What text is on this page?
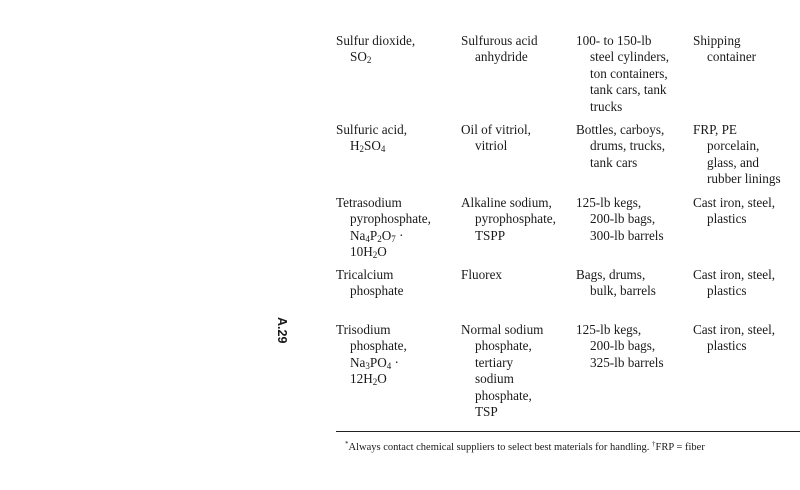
A.29
Sulfur dioxide,
$SO_2$
Sulfurous acid
anhydride
100- to 150-lb
steel cylinders,
ton containers,
tank cars, tank
trucks
Shipping
container
Sulfuric acid,
$H_2SO_4$
Oil of vitriol,
vitriol
Bottles, carboys,
drums, trucks,
tank cars
FRP, PE
porcelain,
glass, and
rubber linings
Tetrasodium
pyrophosphate,
$Na_4P_2O_7$ ·
$10H_2O$
Alkaline sodium,
pyrophosphate,
TSPP
125-lb kegs,
200-lb bags,
300-lb barrels
Cast iron, steel,
plastics
Tricalcium
phosphate
Fluorex	Bags, drums,
bulk, barrels
Cast iron, steel,
plastics
Trisodium
phosphate,
$Na_3PO_4$ ·
$12H_2O$
Normal sodium
phosphate,
tertiary
sodium
phosphate,
TSP
125-lb kegs,
200-lb bags,
325-lb barrels
Cast iron, steel,
plastics
*Always contact chemical suppliers to select best materials for handling. †FRP = fiber
